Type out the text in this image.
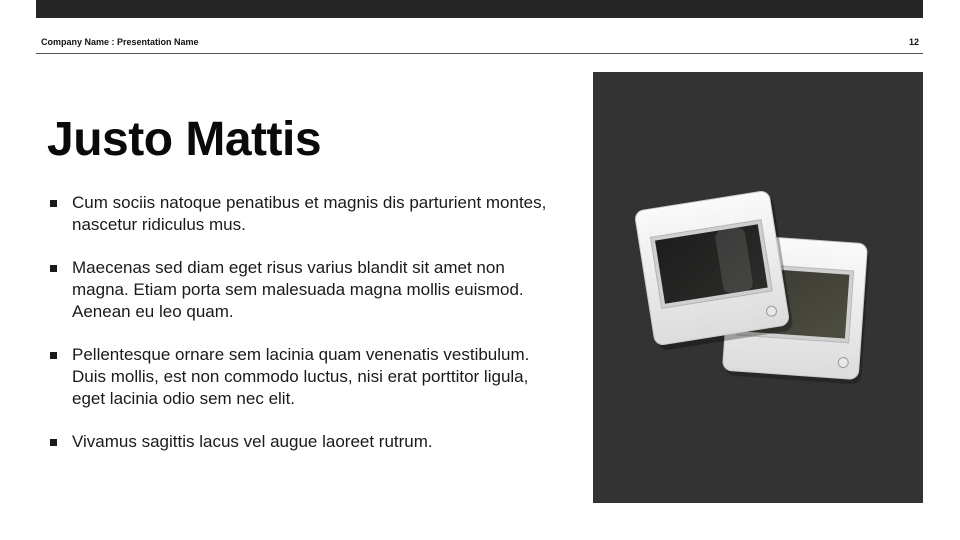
Company Name : Presentation Name	12
Justo Mattis
Cum sociis natoque penatibus et magnis dis parturient montes, nascetur ridiculus mus.
Maecenas sed diam eget risus varius blandit sit amet non magna. Etiam porta sem malesuada magna mollis euismod. Aenean eu leo quam.
Pellentesque ornare sem lacinia quam venenatis vestibulum. Duis mollis, est non commodo luctus, nisi erat porttitor ligula, eget lacinia odio sem nec elit.
Vivamus sagittis lacus vel augue laoreet rutrum.
